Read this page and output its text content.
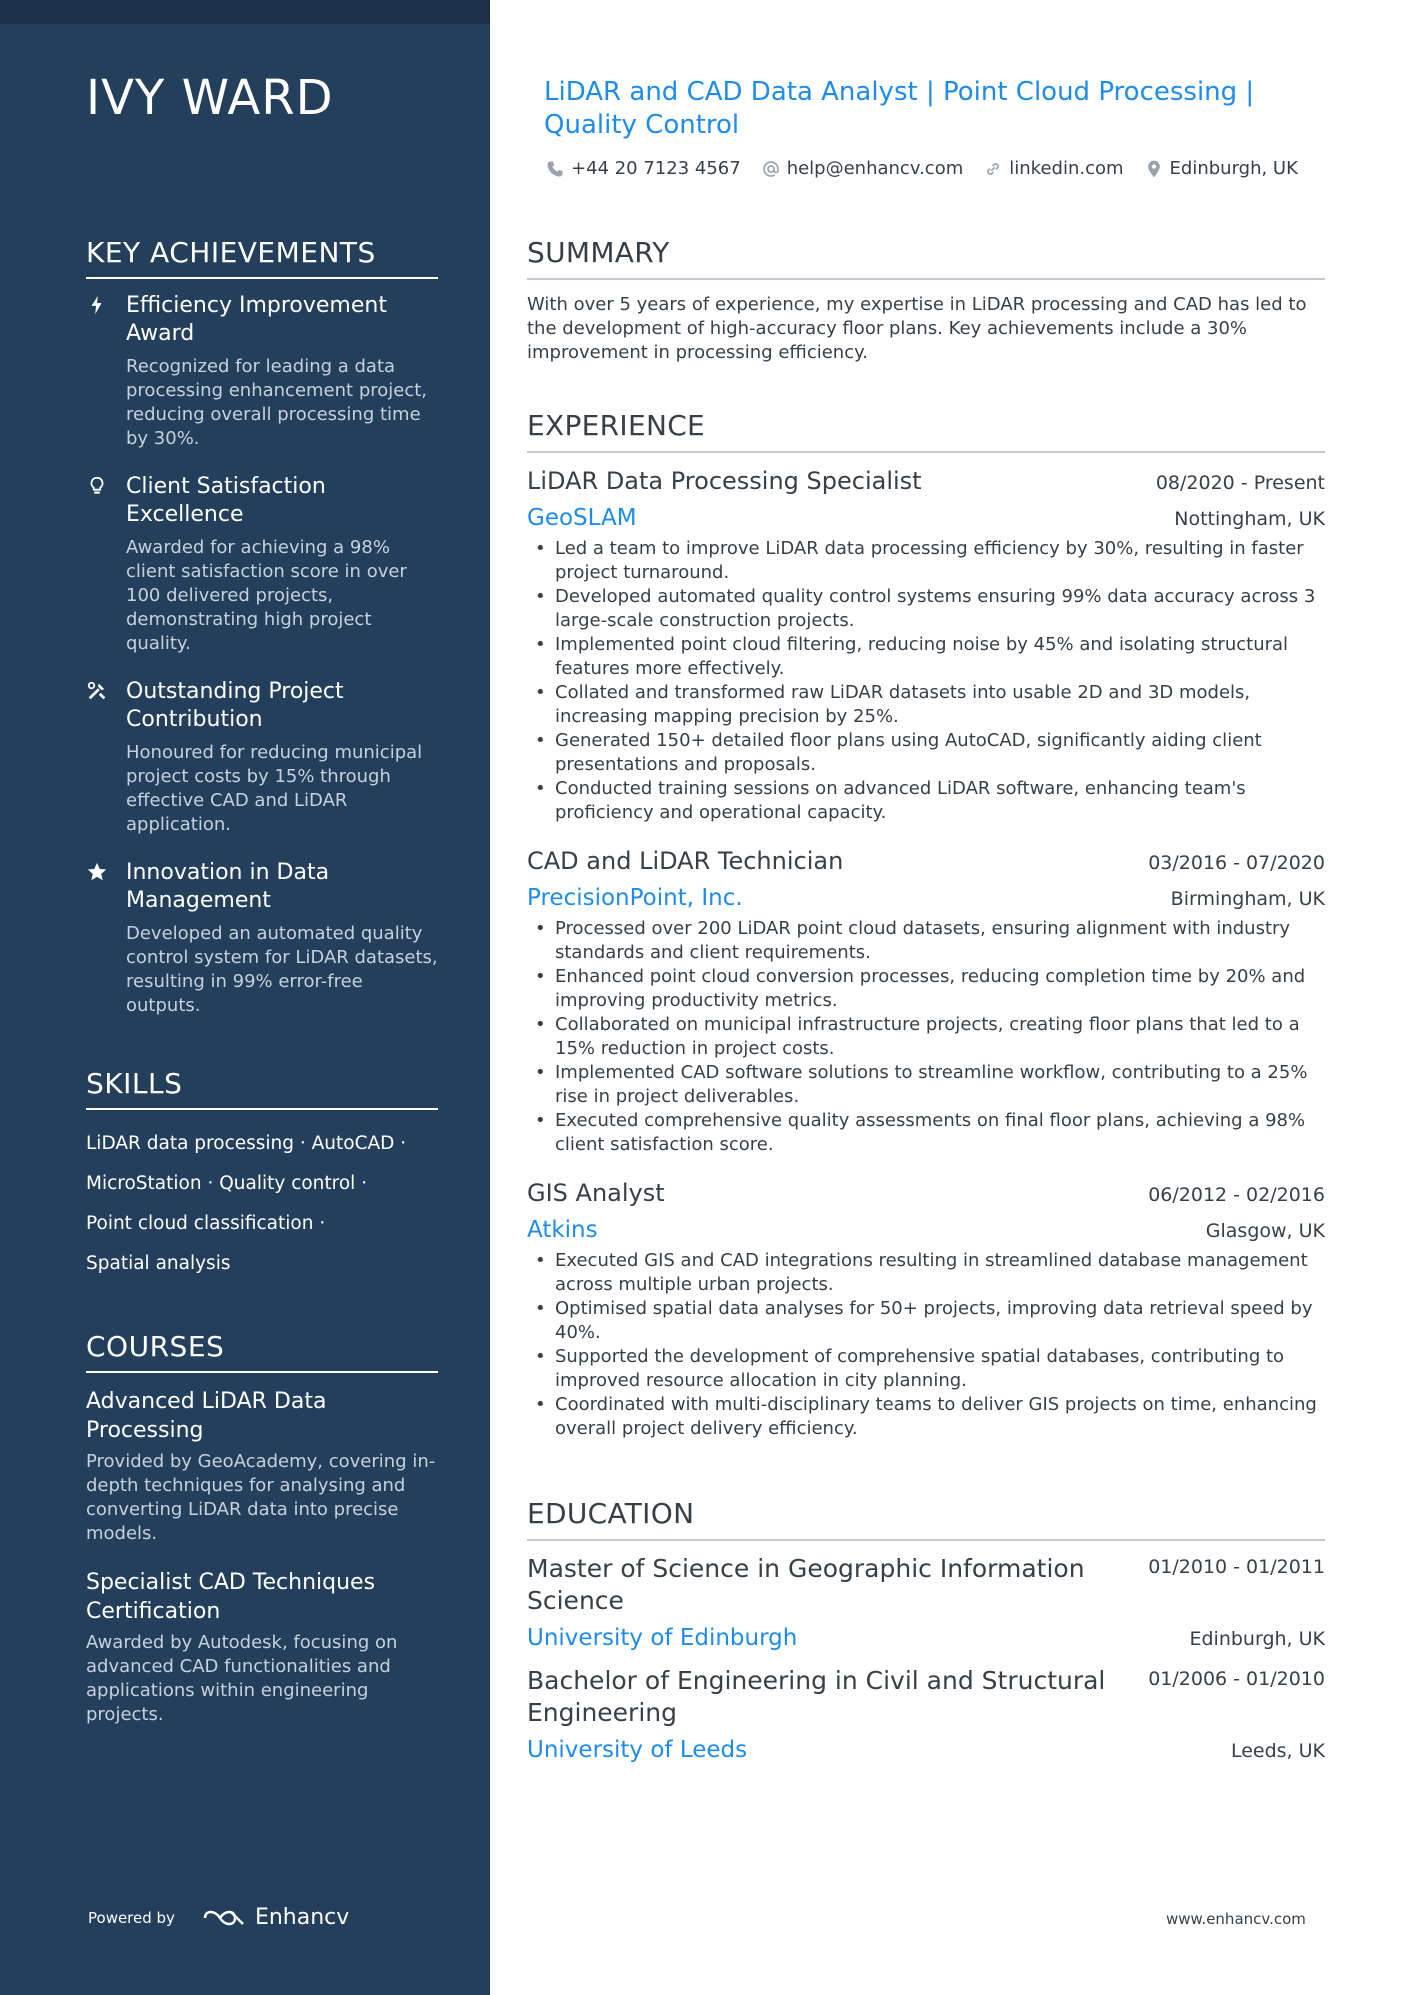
IVY WARD
KEY ACHIEVEMENTS
Efficiency Improvement Award
Recognized for leading a data processing enhancement project, reducing overall processing time by 30%.
Client Satisfaction Excellence
Awarded for achieving a 98% client satisfaction score in over 100 delivered projects, demonstrating high project quality.
Outstanding Project Contribution
Honoured for reducing municipal project costs by 15% through effective CAD and LiDAR application.
Innovation in Data Management
Developed an automated quality control system for LiDAR datasets, resulting in 99% error-free outputs.
SKILLS
LiDAR data processing · AutoCAD ·
MicroStation · Quality control ·
Point cloud classification ·
Spatial analysis
COURSES
Advanced LiDAR Data Processing
Provided by GeoAcademy, covering in-depth techniques for analysing and converting LiDAR data into precise models.
Specialist CAD Techniques Certification
Awarded by Autodesk, focusing on advanced CAD functionalities and applications within engineering projects.
Powered by	Enhancv
LiDAR and CAD Data Analyst | Point Cloud Processing | Quality Control
+44 20 7123 4567	help@enhancv.com	linkedin.com	Edinburgh, UK
SUMMARY
With over 5 years of experience, my expertise in LiDAR processing and CAD has led to the development of high-accuracy floor plans. Key achievements include a 30% improvement in processing efficiency.
EXPERIENCE
LiDAR Data Processing Specialist	08/2020 - Present
GeoSLAM	Nottingham, UK
• Led a team to improve LiDAR data processing efficiency by 30%, resulting in faster project turnaround.
• Developed automated quality control systems ensuring 99% data accuracy across 3 large-scale construction projects.
• Implemented point cloud filtering, reducing noise by 45% and isolating structural features more effectively.
• Collated and transformed raw LiDAR datasets into usable 2D and 3D models, increasing mapping precision by 25%.
• Generated 150+ detailed floor plans using AutoCAD, significantly aiding client presentations and proposals.
• Conducted training sessions on advanced LiDAR software, enhancing team's proficiency and operational capacity.
CAD and LiDAR Technician	03/2016 - 07/2020
PrecisionPoint, Inc.	Birmingham, UK
• Processed over 200 LiDAR point cloud datasets, ensuring alignment with industry standards and client requirements.
• Enhanced point cloud conversion processes, reducing completion time by 20% and improving productivity metrics.
• Collaborated on municipal infrastructure projects, creating floor plans that led to a 15% reduction in project costs.
• Implemented CAD software solutions to streamline workflow, contributing to a 25% rise in project deliverables.
• Executed comprehensive quality assessments on final floor plans, achieving a 98% client satisfaction score.
GIS Analyst	06/2012 - 02/2016
Atkins	Glasgow, UK
• Executed GIS and CAD integrations resulting in streamlined database management across multiple urban projects.
• Optimised spatial data analyses for 50+ projects, improving data retrieval speed by 40%.
• Supported the development of comprehensive spatial databases, contributing to improved resource allocation in city planning.
• Coordinated with multi-disciplinary teams to deliver GIS projects on time, enhancing overall project delivery efficiency.
EDUCATION
Master of Science in Geographic Information Science
01/2010 - 01/2011
University of Edinburgh	Edinburgh, UK
Bachelor of Engineering in Civil and Structural Engineering
01/2006 - 01/2010
University of Leeds	Leeds, UK
www.enhancv.com
